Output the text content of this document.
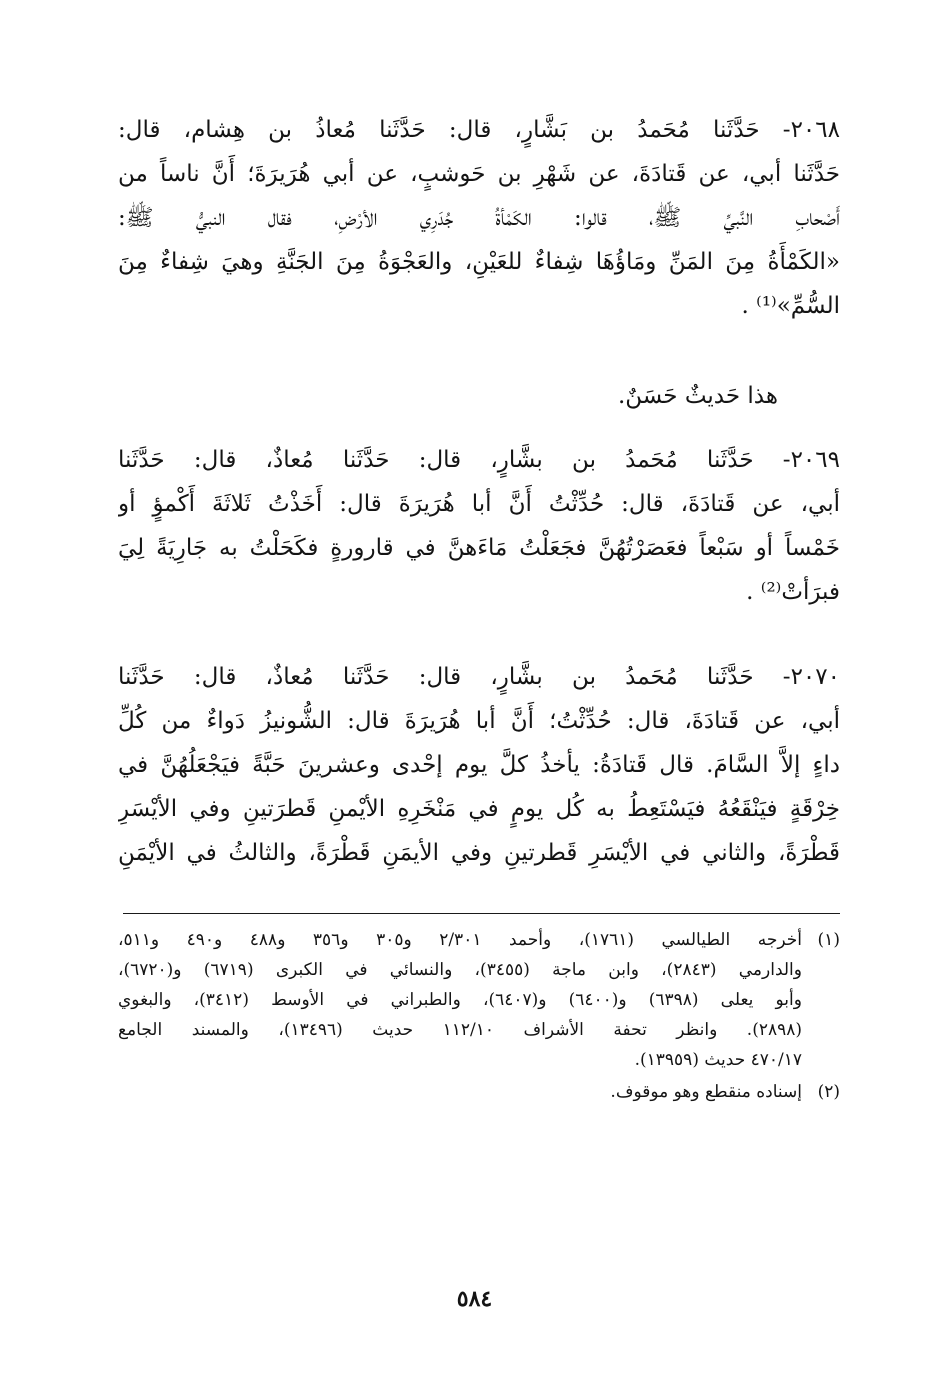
٢٠٦٨- حَدَّثَنا مُحَمدُ بن بَشَّارٍ، قال: حَدَّثَنا مُعاذُ بن هِشام، قال:
حَدَّثَنا أبي، عن قَتادَةَ، عن شَهْرِ بن حَوشبٍ، عن أبي هُرَيرَةَ؛ أَنَّ ناساً من
أَصْحابِ النَّبيِّ ﷺ، قالوا: الكَمْأةُ جُدَرِي الأرْضِ، فقال النبيُّ ﷺ:
«الكَمْأَةُ مِنَ المَنِّ ومَاؤُهَا شِفاءٌ للعَيْنِ، والعَجْوَةُ مِنَ الجَنَّةِ وهيَ شِفاءٌ مِنَ
السُّمِّ»⁽¹⁾ .
هذا حَديثٌ حَسَنٌ.
٢٠٦٩- حَدَّثَنا مُحَمدُ بن بشَّارٍ، قال: حَدَّثَنا مُعاذٌ، قال: حَدَّثَنا
أبي، عن قَتادَةَ، قال: حُدِّثْتُ أَنَّ أبا هُرَيرَةَ قال: أَخَذْتُ ثَلاثَةَ أَكْمؤٍ أو
خَمْساً أو سَبْعاً فعَصَرْتُهُنَّ فجَعَلْتُ مَاءَهنَّ في قارورةٍ فكَحَلْتُ به جَارِيَةً لِيَ
فبرَأتْ⁽²⁾ .
٢٠٧٠- حَدَّثَنا مُحَمدُ بن بشَّارٍ، قال: حَدَّثَنا مُعاذٌ، قال: حَدَّثَنا
أبي، عن قَتادَةَ، قال: حُدِّثْتُ؛ أَنَّ أبا هُرَيرَةَ قال: الشُّونيزُ دَواءٌ من كُلِّ
داءٍ إلاَّ السَّامَ. قال قَتادَةُ: يأخذُ كلَّ يوم إحْدى وعشرينَ حَبَّةً فيَجْعَلُهُنَّ في
خِرْقَةٍ فيَنْقَعُهُ فيَسْتَعِطُ به كُل يومٍ في مَنْخَرِهِ الأيْمنِ قَطرَتينِ وفي الأيْسَرِ
قَطْرَةً، والثاني في الأيْسَرِ قَطرتينِ وفي الأيمَنِ قَطْرَةً، والثالثُ في الأيْمَنِ
(١)أخرجه الطيالسي (١٧٦١)، وأحمد ٢/٣٠١ و٣٠٥ و٣٥٦ و٤٨٨ و٤٩٠ و٥١١،
والدارمي (٢٨٤٣)، وابن ماجة (٣٤٥٥)، والنسائي في الكبرى (٦٧١٩) و(٦٧٢٠)،
وأبو يعلى (٦٣٩٨) و(٦٤٠٠) و(٦٤٠٧)، والطبراني في الأوسط (٣٤١٢)، والبغوي
(٢٨٩٨). وانظر تحفة الأشراف ١١٢/١٠ حديث (١٣٤٩٦)، والمسند الجامع
٤٧٠/١٧ حديث (١٣٩٥٩).
(٢)إسناده منقطع وهو موقوف.
٥٨٤
